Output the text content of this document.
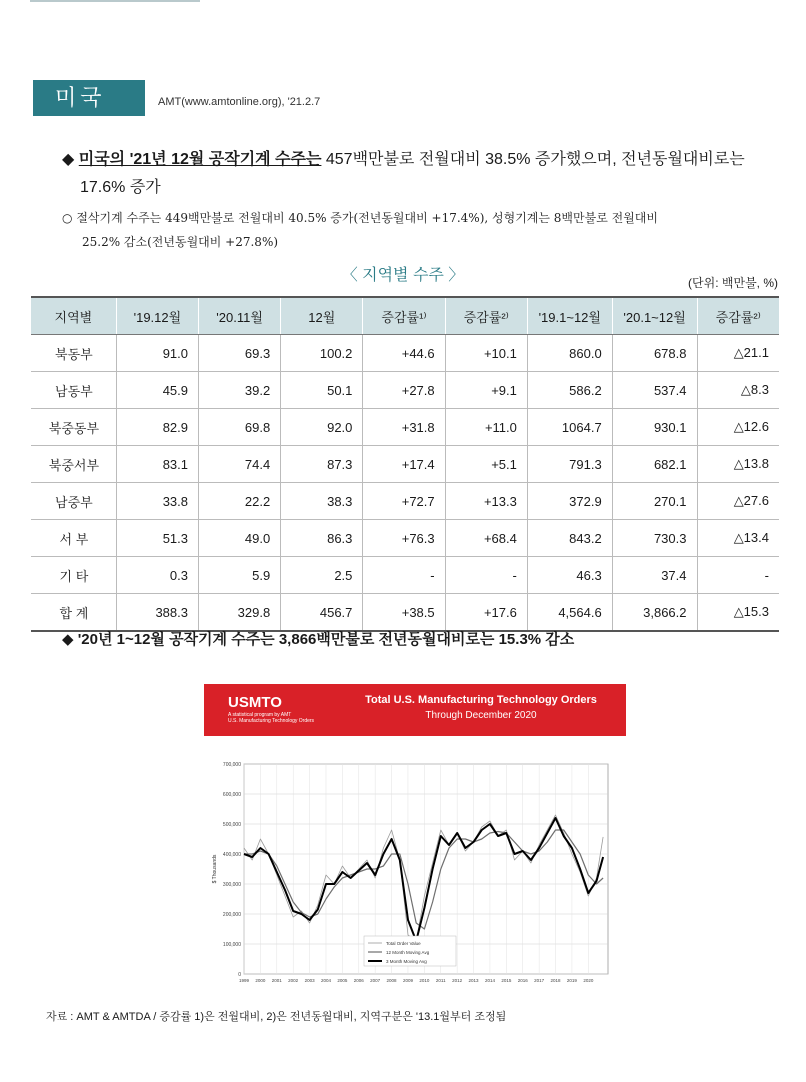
미국	AMT(www.amtonline.org), '21.2.7
◆ 미국의 '21년 12월 공작기계 수주는 457백만불로 전월대비 38.5% 증가했으며, 전년동월대비로는
17.6% 증가
○ 절삭기계 수주는 449백만불로 전월대비 40.5% 증가(전년동월대비 +17.4%), 성형기계는 8백만불로 전월대비
25.2% 감소(전년동월대비 +27.8%)
〈 지역별 수주 〉	(단위: 백만불, %)
지역별	'19.12월	'20.11월	12월	증감률¹⁾	증감률²⁾	'19.1~12월	'20.1~12월	증감률²⁾
북동부	91.0	69.3	100.2	+44.6	+10.1	860.0	678.8	△21.1
남동부	45.9	39.2	50.1	+27.8	+9.1	586.2	537.4	△8.3
북중동부	82.9	69.8	92.0	+31.8	+11.0	1064.7	930.1	△12.6
북중서부	83.1	74.4	87.3	+17.4	+5.1	791.3	682.1	△13.8
남중부	33.8	22.2	38.3	+72.7	+13.3	372.9	270.1	△27.6
서 부	51.3	49.0	86.3	+76.3	+68.4	843.2	730.3	△13.4
기 타	0.3	5.9	2.5	-	-	46.3	37.4	-
합 계	388.3	329.8	456.7	+38.5	+17.6	4,564.6	3,866.2	△15.3
◆ '20년 1~12월 공작기계 수주는 3,866백만불로 전년동월대비로는 15.3% 감소
USMTO
A statistical program by AMT
U.S. Manufacturing Technology Orders
Total U.S. Manufacturing Technology Orders
Through December 2020
0
100,000
200,000
300,000
400,000
500,000
600,000
700,000
1999 2000 2001 2002 2003 2004 2005 2006 2007 2008 2009 2010 2011 2012 2013 2014 2015 2016 2017 2018 2019 2020
$ Thousands
Total Order Value
12 Month Moving Avg
3 Month Moving Avg
자료 : AMT & AMTDA / 증감률 1)은 전월대비, 2)은 전년동월대비, 지역구분은 '13.1월부터 조정됨
